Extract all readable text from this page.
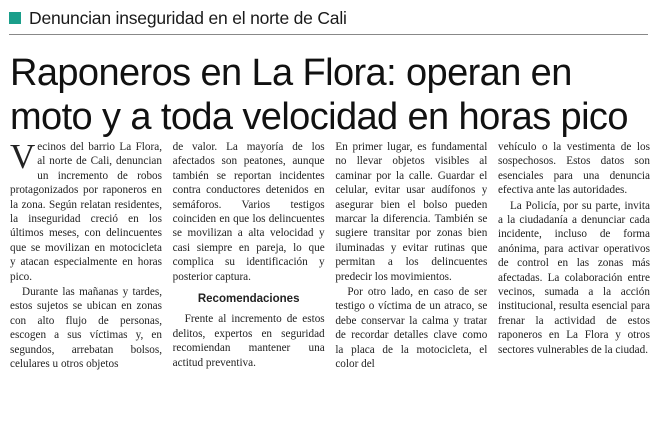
Denuncian inseguridad en el norte de Cali
Raponeros en La Flora: operan en
moto y a toda velocidad en horas pico

Vecinos del barrio La Flora, al norte de Cali, denuncian un incremento de robos protagonizados por raponeros en la zona. Según relatan residentes, la inseguridad creció en los últimos meses, con delincuentes que se movilizan en motocicleta y atacan especialmente en horas pico.

Durante las mañanas y tardes, estos sujetos se ubican en zonas con alto flujo de personas, escogen a sus víctimas y, en segundos, arrebatan bolsos, celulares u otros objetos

de valor. La mayoría de los afectados son peatones, aunque también se reportan incidentes contra conductores detenidos en semáforos. Varios testigos coinciden en que los delincuentes se movilizan a alta velocidad y casi siempre en pareja, lo que complica su identificación y posterior captura.

Recomendaciones

Frente al incremento de estos delitos, expertos en seguridad recomiendan mantener una actitud preventiva.

En primer lugar, es fundamental no llevar objetos visibles al caminar por la calle. Guardar el celular, evitar usar audífonos y asegurar bien el bolso pueden marcar la diferencia. También se sugiere transitar por zonas bien iluminadas y evitar rutinas que permitan a los delincuentes predecir los movimientos.

Por otro lado, en caso de ser testigo o víctima de un atraco, se debe conservar la calma y tratar de recordar detalles clave como la placa de la motocicleta, el color del

vehículo o la vestimenta de los sospechosos. Estos datos son esenciales para una denuncia efectiva ante las autoridades.

La Policía, por su parte, invita a la ciudadanía a denunciar cada incidente, incluso de forma anónima, para activar operativos de control en las zonas más afectadas. La colaboración entre vecinos, sumada a la acción institucional, resulta esencial para frenar la actividad de estos raponeros en La Flora y otros sectores vulnerables de la ciudad.
